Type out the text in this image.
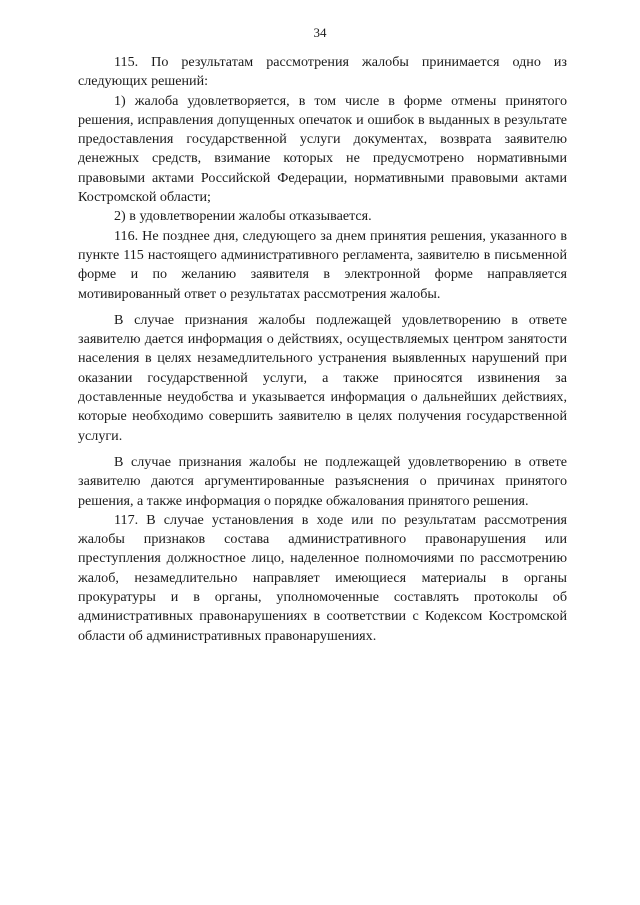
34

115. По результатам рассмотрения жалобы принимается одно из следующих решений:

1) жалоба удовлетворяется, в том числе в форме отмены принятого решения, исправления допущенных опечаток и ошибок в выданных в результате предоставления государственной услуги документах, возврата заявителю денежных средств, взимание которых не предусмотрено нормативными правовыми актами Российской Федерации, нормативными правовыми актами Костромской области;

2) в удовлетворении жалобы отказывается.

116. Не позднее дня, следующего за днем принятия решения, указанного в пункте 115 настоящего административного регламента, заявителю в письменной форме и по желанию заявителя в электронной форме направляется мотивированный ответ о результатах рассмотрения жалобы.

В случае признания жалобы подлежащей удовлетворению в ответе заявителю дается информация о действиях, осуществляемых центром занятости населения в целях незамедлительного устранения выявленных нарушений при оказании государственной услуги, а также приносятся извинения за доставленные неудобства и указывается информация о дальнейших действиях, которые необходимо совершить заявителю в целях получения государственной услуги.

В случае признания жалобы не подлежащей удовлетворению в ответе заявителю даются аргументированные разъяснения о причинах принятого решения, а также информация о порядке обжалования принятого решения.

117. В случае установления в ходе или по результатам рассмотрения жалобы признаков состава административного правонарушения или преступления должностное лицо, наделенное полномочиями по рассмотрению жалоб, незамедлительно направляет имеющиеся материалы в органы прокуратуры и в органы, уполномоченные составлять протоколы об административных правонарушениях в соответствии с Кодексом Костромской области об административных правонарушениях.
